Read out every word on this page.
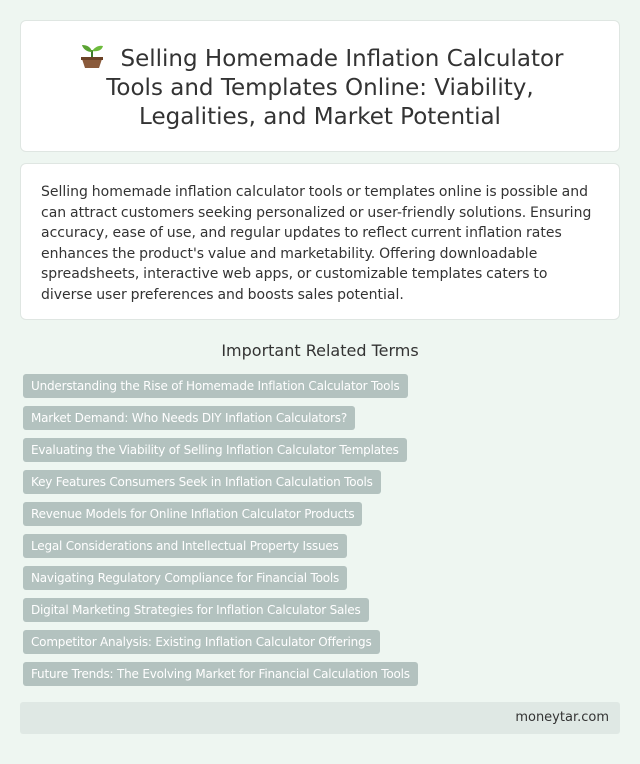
Selling Homemade Inflation Calculator Tools and Templates Online: Viability, Legalities, and Market Potential

Selling homemade inflation calculator tools or templates online is possible and can attract customers seeking personalized or user-friendly solutions. Ensuring accuracy, ease of use, and regular updates to reflect current inflation rates enhances the product's value and marketability. Offering downloadable spreadsheets, interactive web apps, or customizable templates caters to diverse user preferences and boosts sales potential.

Important Related Terms
Understanding the Rise of Homemade Inflation Calculator Tools
Market Demand: Who Needs DIY Inflation Calculators?
Evaluating the Viability of Selling Inflation Calculator Templates
Key Features Consumers Seek in Inflation Calculation Tools
Revenue Models for Online Inflation Calculator Products
Legal Considerations and Intellectual Property Issues
Navigating Regulatory Compliance for Financial Tools
Digital Marketing Strategies for Inflation Calculator Sales
Competitor Analysis: Existing Inflation Calculator Offerings
Future Trends: The Evolving Market for Financial Calculation Tools
moneytar.com
